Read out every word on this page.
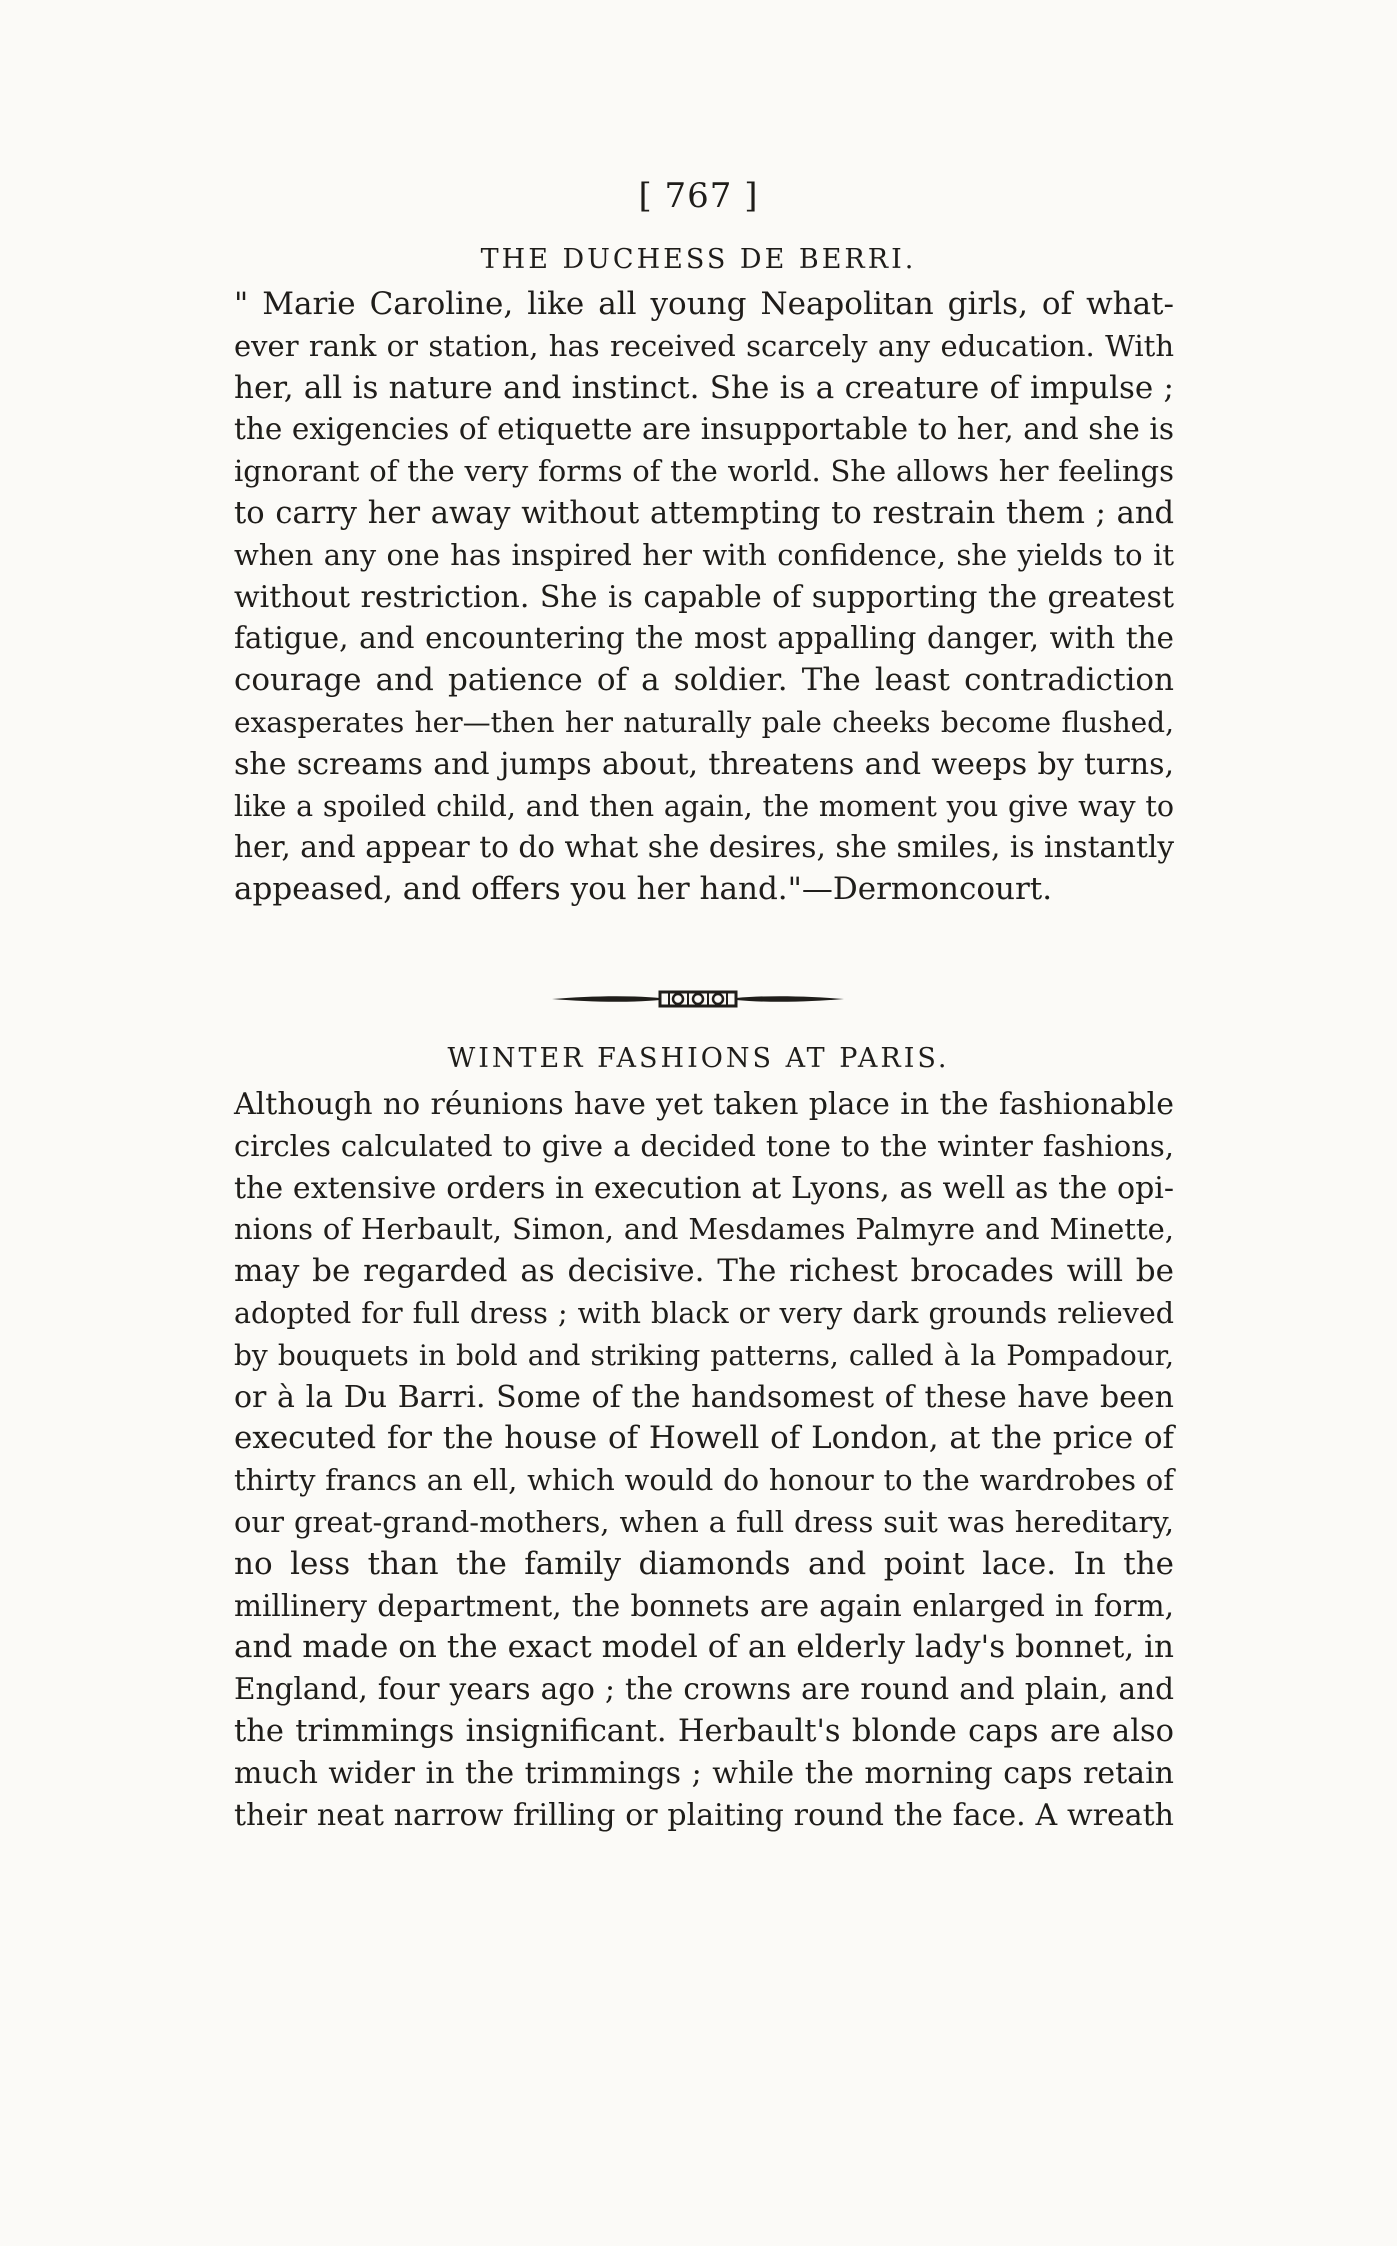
[ 767 ]
THE DUCHESS DE BERRI.
" Marie Caroline, like all young Neapolitan girls, of what-
ever rank or station, has received scarcely any education. With
her, all is nature and instinct. She is a creature of impulse ;
the exigencies of etiquette are insupportable to her, and she is
ignorant of the very forms of the world. She allows her feelings
to carry her away without attempting to restrain them ; and
when any one has inspired her with confidence, she yields to it
without restriction. She is capable of supporting the greatest
fatigue, and encountering the most appalling danger, with the
courage and patience of a soldier. The least contradiction
exasperates her—then her naturally pale cheeks become flushed,
she screams and jumps about, threatens and weeps by turns,
like a spoiled child, and then again, the moment you give way to
her, and appear to do what she desires, she smiles, is instantly
appeased, and offers you her hand."—Dermoncourt.
WINTER FASHIONS AT PARIS.
Although no réunions have yet taken place in the fashionable
circles calculated to give a decided tone to the winter fashions,
the extensive orders in execution at Lyons, as well as the opi-
nions of Herbault, Simon, and Mesdames Palmyre and Minette,
may be regarded as decisive. The richest brocades will be
adopted for full dress ; with black or very dark grounds relieved
by bouquets in bold and striking patterns, called à la Pompadour,
or à la Du Barri. Some of the handsomest of these have been
executed for the house of Howell of London, at the price of
thirty francs an ell, which would do honour to the wardrobes of
our great-grand-mothers, when a full dress suit was hereditary,
no less than the family diamonds and point lace. In the
millinery department, the bonnets are again enlarged in form,
and made on the exact model of an elderly lady's bonnet, in
England, four years ago ; the crowns are round and plain, and
the trimmings insignificant. Herbault's blonde caps are also
much wider in the trimmings ; while the morning caps retain
their neat narrow frilling or plaiting round the face. A wreath
